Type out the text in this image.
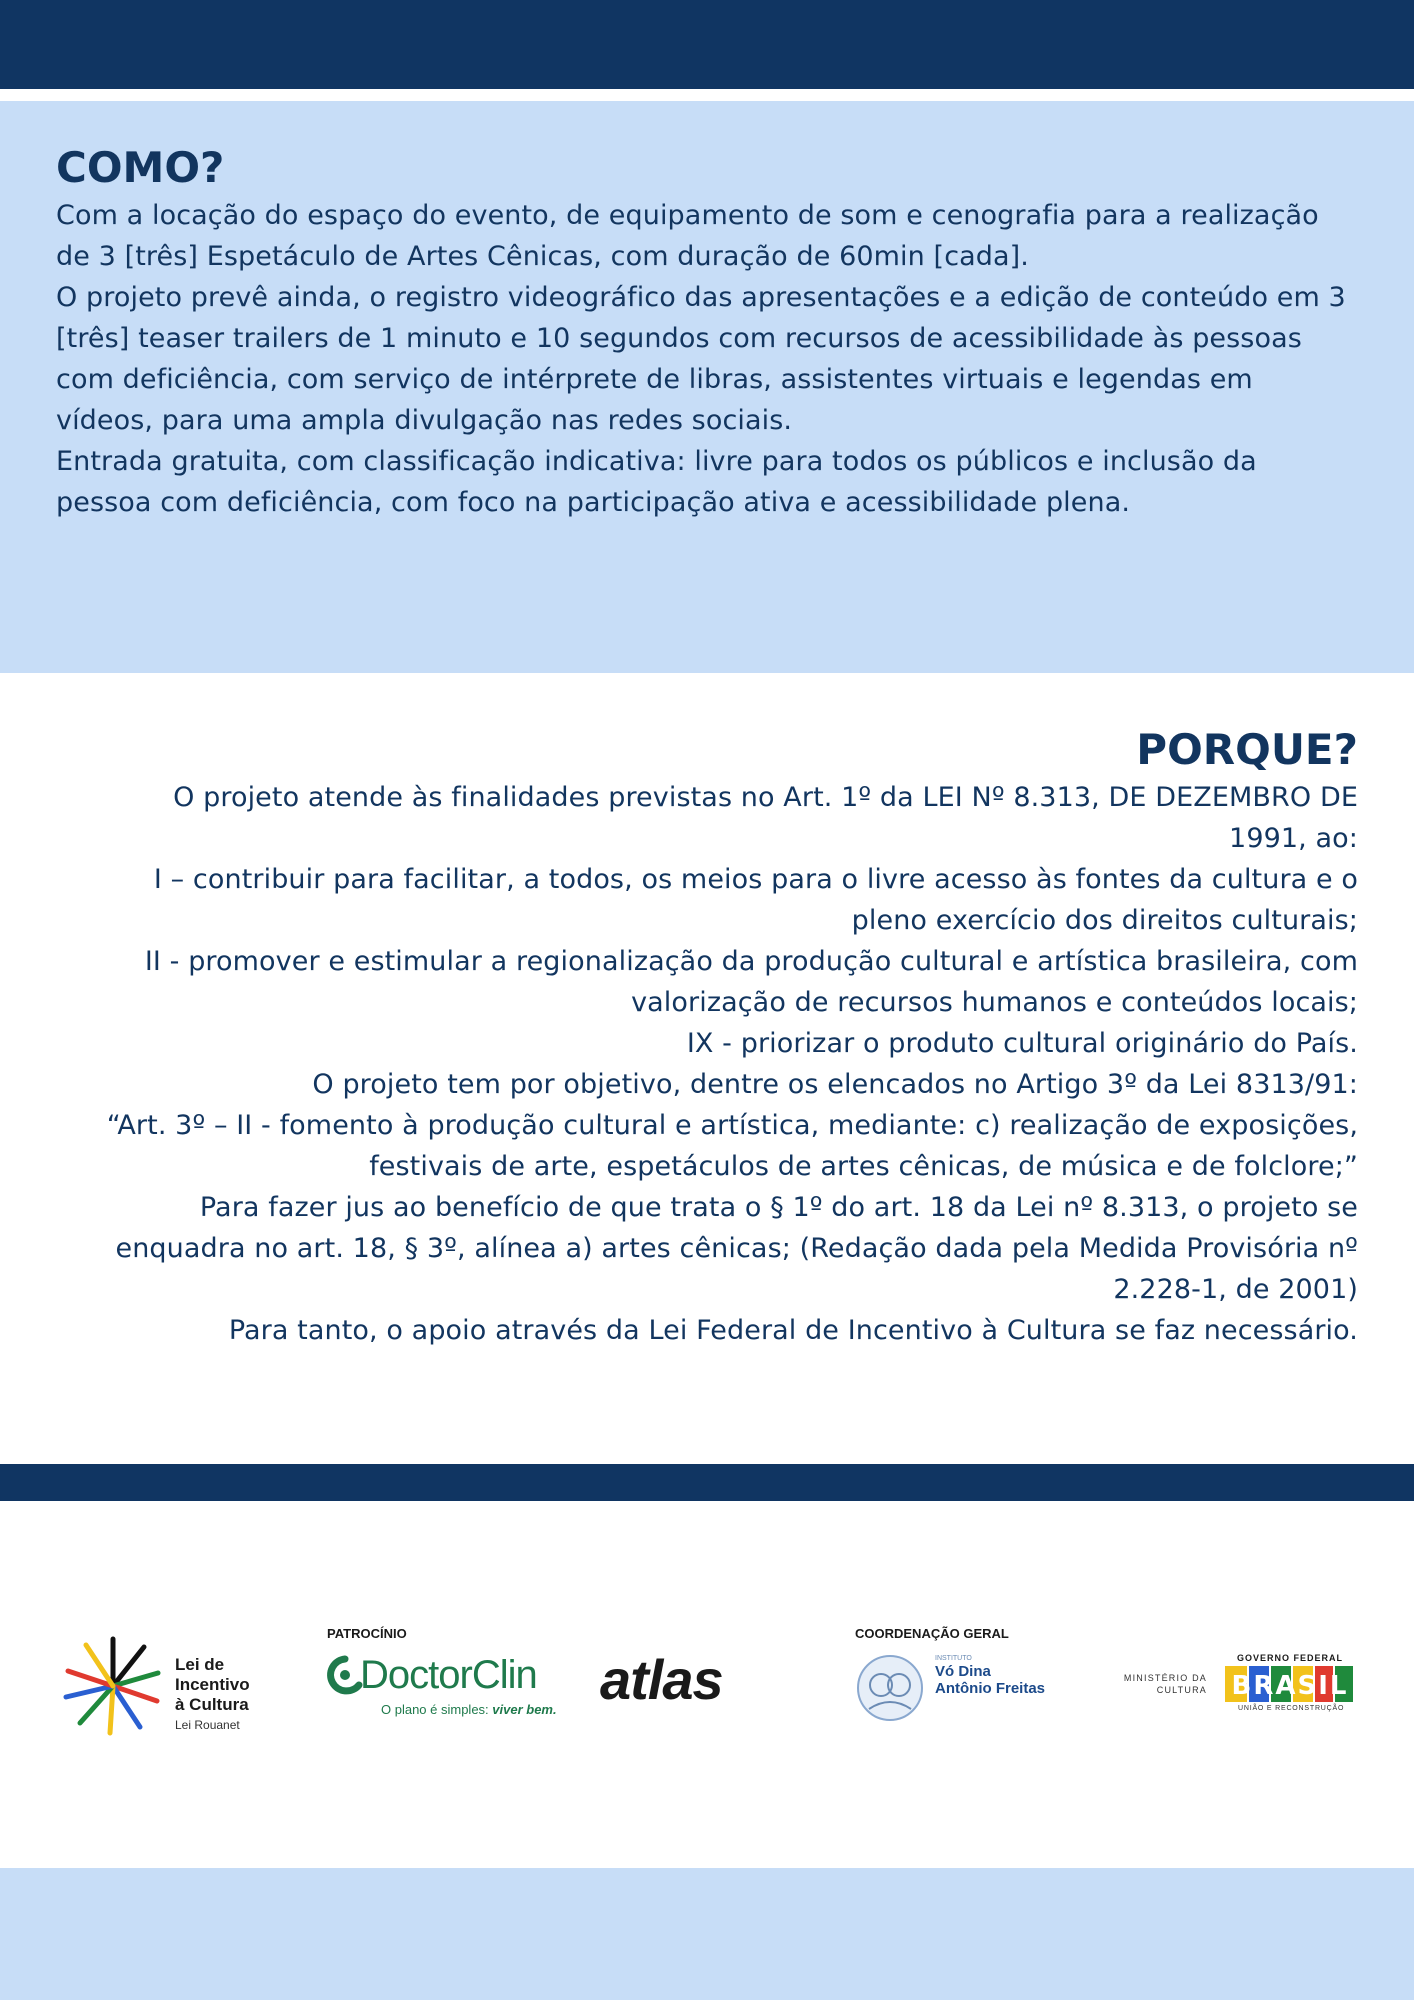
COMO?

Com a locação do espaço do evento, de equipamento de som e cenografia para a realização de 3 [três] Espetáculo de Artes Cênicas, com duração de 60min [cada].

O projeto prevê ainda, o registro videográfico das apresentações e a edição de conteúdo em 3 [três] teaser trailers de 1 minuto e 10 segundos com recursos de acessibilidade às pessoas com deficiência, com serviço de intérprete de libras, assistentes virtuais e legendas em vídeos, para uma ampla divulgação nas redes sociais.

Entrada gratuita, com classificação indicativa: livre para todos os públicos e inclusão da pessoa com deficiência, com foco na participação ativa e acessibilidade plena.

PORQUE?

O projeto atende às finalidades previstas no Art. 1º da LEI Nº 8.313, DE DEZEMBRO DE 1991, ao:

I – contribuir para facilitar, a todos, os meios para o livre acesso às fontes da cultura e o pleno exercício dos direitos culturais;

II - promover e estimular a regionalização da produção cultural e artística brasileira, com valorização de recursos humanos e conteúdos locais;

IX - priorizar o produto cultural originário do País.

O projeto tem por objetivo, dentre os elencados no Artigo 3º da Lei 8313/91:

“Art. 3º – II - fomento à produção cultural e artística, mediante: c) realização de exposições, festivais de arte, espetáculos de artes cênicas, de música e de folclore;”

Para fazer jus ao benefício de que trata o § 1º do art. 18 da Lei nº 8.313, o projeto se enquadra no art. 18, § 3º, alínea a) artes cênicas; (Redação dada pela Medida Provisória nº 2.228-1, de 2001)

Para tanto, o apoio através da Lei Federal de Incentivo à Cultura se faz necessário.

Lei de
Incentivo
à Cultura
Lei Rouanet
PATROCÍNIO
DoctorClin
O plano é simples: viver bem. atlas
COORDENAÇÃO GERAL
INSTITUTO
Vó Dina
Antônio Freitas
MINISTÉRIO DA
CULTURA
GOVERNO FEDERAL
BRASIL
UNIÃO E RECONSTRUÇÃO
